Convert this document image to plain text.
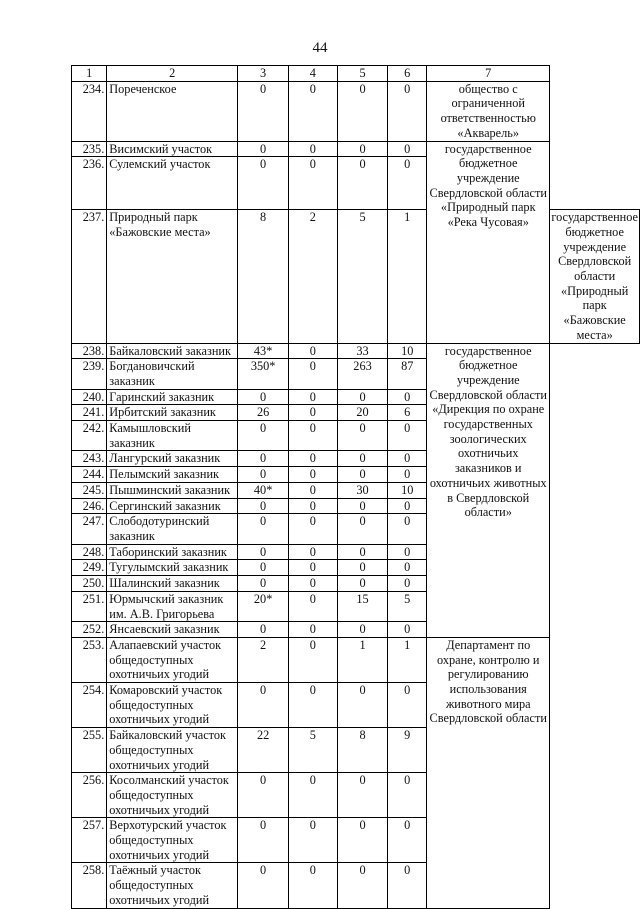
44
1	2	3	4	5	6	7	
234.	Пореченское	0	0	0	0	общество с ограниченной ответственностью «Акварель»	
235.	Висимский участок	0	0	0	0	государственное бюджетное учреждение Свердловской области «Природный парк «Река Чусовая»	
236.	Сулемский участок	0	0	0	0		
237.	Природный парк «Бажовские места»	8	2	5	1		государственное бюджетное учреждение Свердловской области «Природный парк «Бажовские места»
238.	Байкаловский заказник	43*	0	33	10	государственное бюджетное учреждение Свердловской области «Дирекция по охране государственных зоологических охотничьих заказников и охотничьих животных в Свердловской области»	
239.	Богдановичский заказник	350*	0	263	87		
240.	Гаринский заказник	0	0	0	0		
241.	Ирбитский заказник	26	0	20	6		
242.	Камышловский заказник	0	0	0	0		
243.	Лангурский заказник	0	0	0	0		
244.	Пелымский заказник	0	0	0	0		
245.	Пышминский заказник	40*	0	30	10		
246.	Сергинский заказник	0	0	0	0		
247.	Слободотуринский заказник	0	0	0	0		
248.	Таборинский заказник	0	0	0	0		
249.	Тугулымский заказник	0	0	0	0		
250.	Шалинский заказник	0	0	0	0		
251.	Юрмычский заказник им. А.В. Григорьева	20*	0	15	5		
252.	Янсаевский заказник	0	0	0	0		
253.	Алапаевский участок общедоступных охотничьих угодий	2	0	1	1	Департамент по охране, контролю и регулированию использования животного мира Свердловской области	
254.	Комаровский участок общедоступных охотничьих угодий	0	0	0	0		
255.	Байкаловский участок общедоступных охотничьих угодий	22	5	8	9		
256.	Косолманский участок общедоступных охотничьих угодий	0	0	0	0		
257.	Верхотурский участок общедоступных охотничьих угодий	0	0	0	0		
258.	Таёжный участок общедоступных охотничьих угодий	0	0	0	0		
